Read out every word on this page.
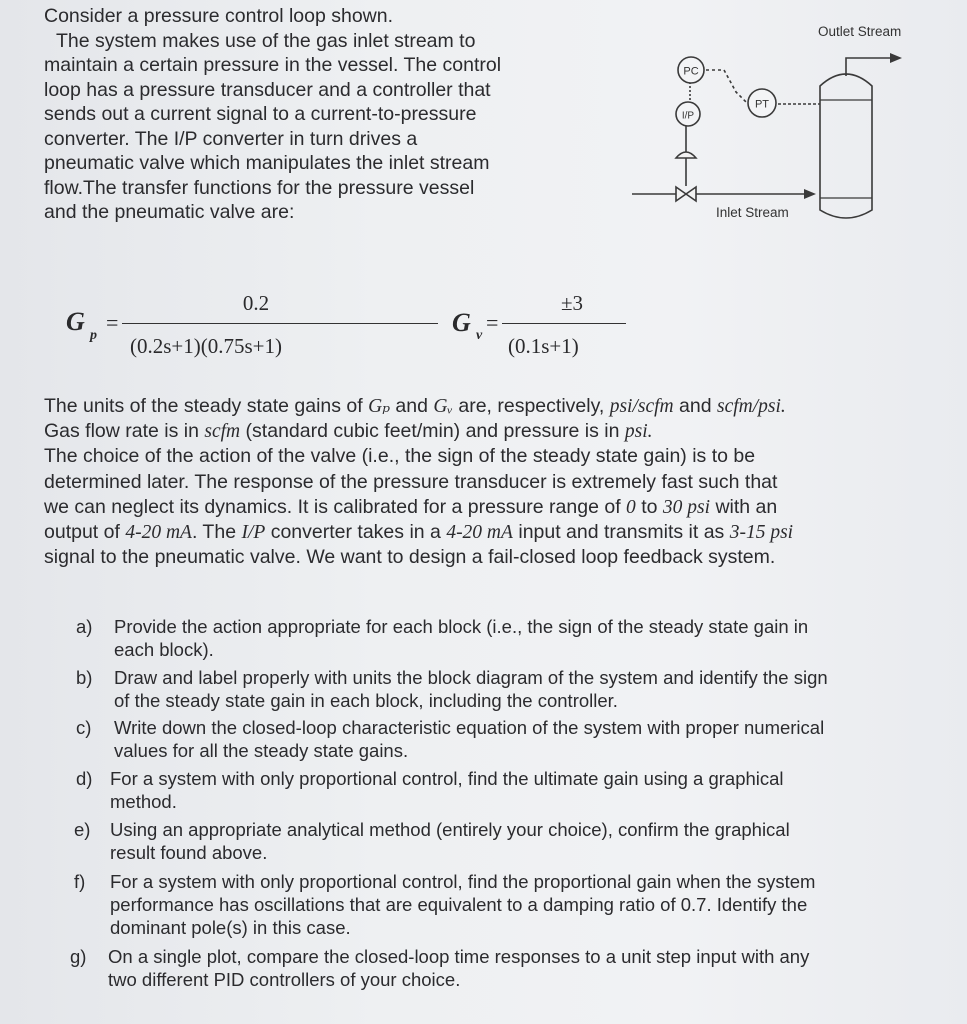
Consider a pressure control loop shown.
The system makes use of the gas inlet stream to
maintain a certain pressure in the vessel. The control
loop has a pressure transducer and a controller that
sends out a current signal to a current-to-pressure
converter. The I/P converter in turn drives a
pneumatic valve which manipulates the inlet stream
flow.The transfer functions for the pressure vessel
and the pneumatic valve are:
PC
I/P
PT
Outlet Stream
Inlet Stream
G p
=
0.2
(0.2s+1)(0.75s+1)
G v
=
±3
(0.1s+1)
The units of the steady state gains of Gₚ and Gᵥ are, respectively, psi/scfm and scfm/psi.
Gas flow rate is in scfm (standard cubic feet/min) and pressure is in psi.
The choice of the action of the valve (i.e., the sign of the steady state gain) is to be
determined later. The response of the pressure transducer is extremely fast such that
we can neglect its dynamics. It is calibrated for a pressure range of 0 to 30 psi with an
output of 4-20 mA. The I/P converter takes in a 4-20 mA input and transmits it as 3-15 psi
signal to the pneumatic valve. We want to design a fail-closed loop feedback system.
a) Provide the action appropriate for each block (i.e., the sign of the steady state gain in
each block).
b) Draw and label properly with units the block diagram of the system and identify the sign
of the steady state gain in each block, including the controller.
c) Write down the closed-loop characteristic equation of the system with proper numerical
values for all the steady state gains.
d) For a system with only proportional control, find the ultimate gain using a graphical
method.
e) Using an appropriate analytical method (entirely your choice), confirm the graphical
result found above.
f) For a system with only proportional control, find the proportional gain when the system
performance has oscillations that are equivalent to a damping ratio of 0.7. Identify the
dominant pole(s) in this case.
g) On a single plot, compare the closed-loop time responses to a unit step input with any
two different PID controllers of your choice.
